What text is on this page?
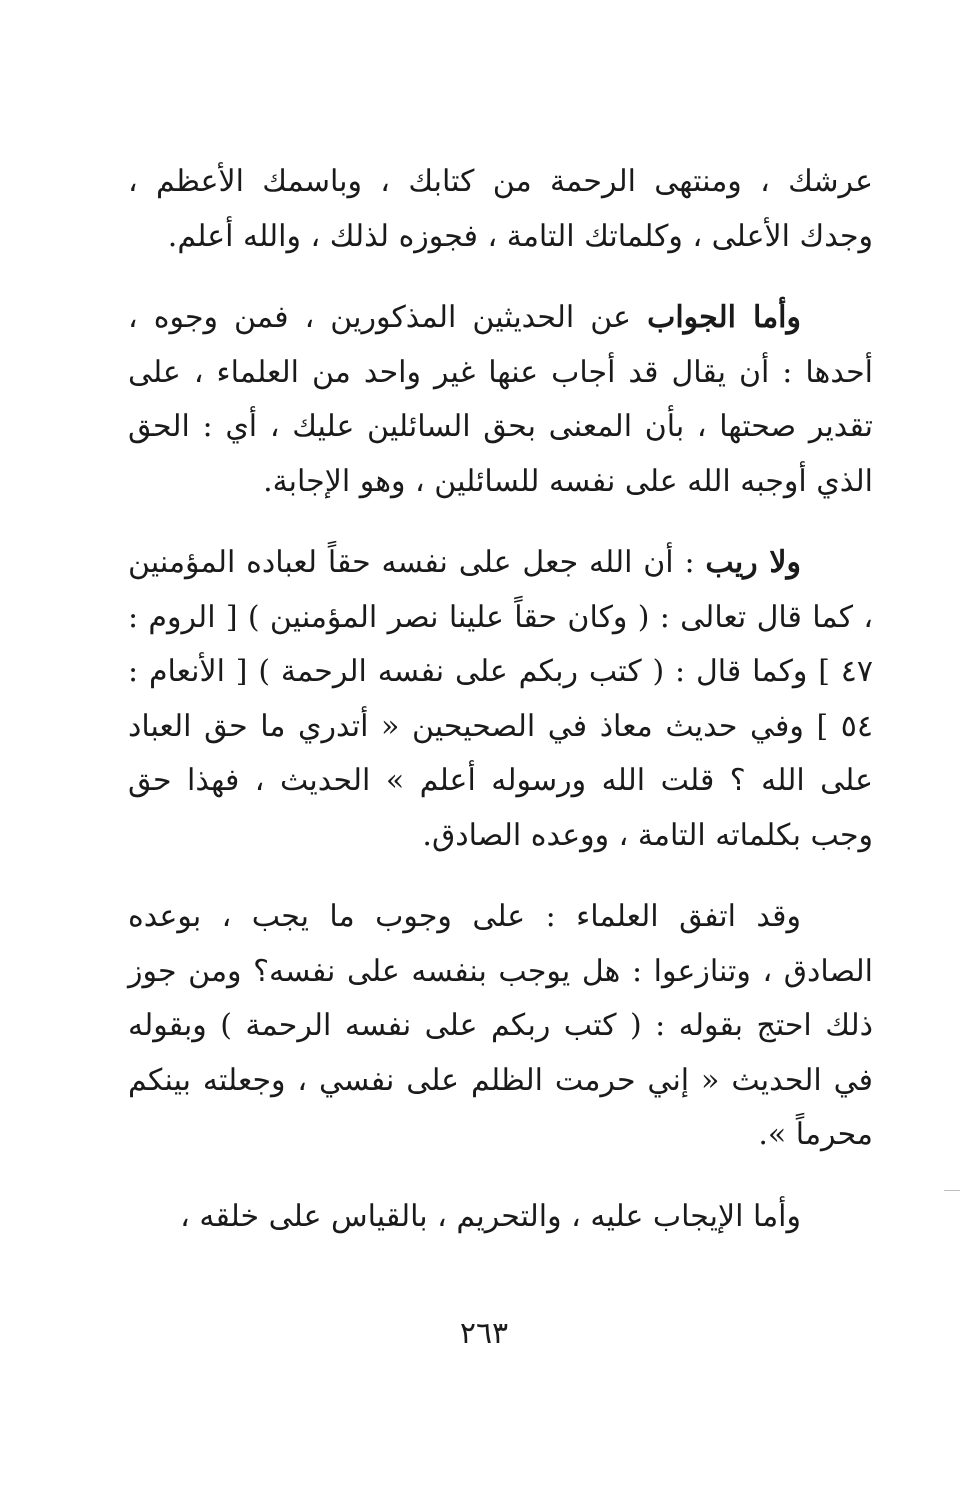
عرشك ، ومنتهى الرحمة من كتابك ، وباسمك الأعظم ، وجدك الأعلى ، وكلماتك التامة ، فجوزه لذلك ، والله أعلم.

وأما الجواب عن الحديثين المذكورين ، فمن وجوه ، أحدها : أن يقال قد أجاب عنها غير واحد من العلماء ، على تقدير صحتها ، بأن المعنى بحق السائلين عليك ، أي : الحق الذي أوجبه الله على نفسه للسائلين ، وهو الإجابة.

ولا ريب : أن الله جعل على نفسه حقاً لعباده المؤمنين ، كما قال تعالى : ( وكان حقاً علينا نصر المؤمنين ) [ الروم : ٤٧ ] وكما قال : ( كتب ربكم على نفسه الرحمة ) [ الأنعام : ٥٤ ] وفي حديث معاذ في الصحيحين « أتدري ما حق العباد على الله ؟ قلت الله ورسوله أعلم » الحديث ، فهذا حق وجب بكلماته التامة ، ووعده الصادق.

وقد اتفق العلماء : على وجوب ما يجب ، بوعده الصادق ، وتنازعوا : هل يوجب بنفسه على نفسه؟ ومن جوز ذلك احتج بقوله : ( كتب ربكم على نفسه الرحمة ) وبقوله في الحديث « إني حرمت الظلم على نفسي ، وجعلته بينكم محرماً ».

وأما الإيجاب عليه ، والتحريم ، بالقياس على خلقه ،

٢٦٣
